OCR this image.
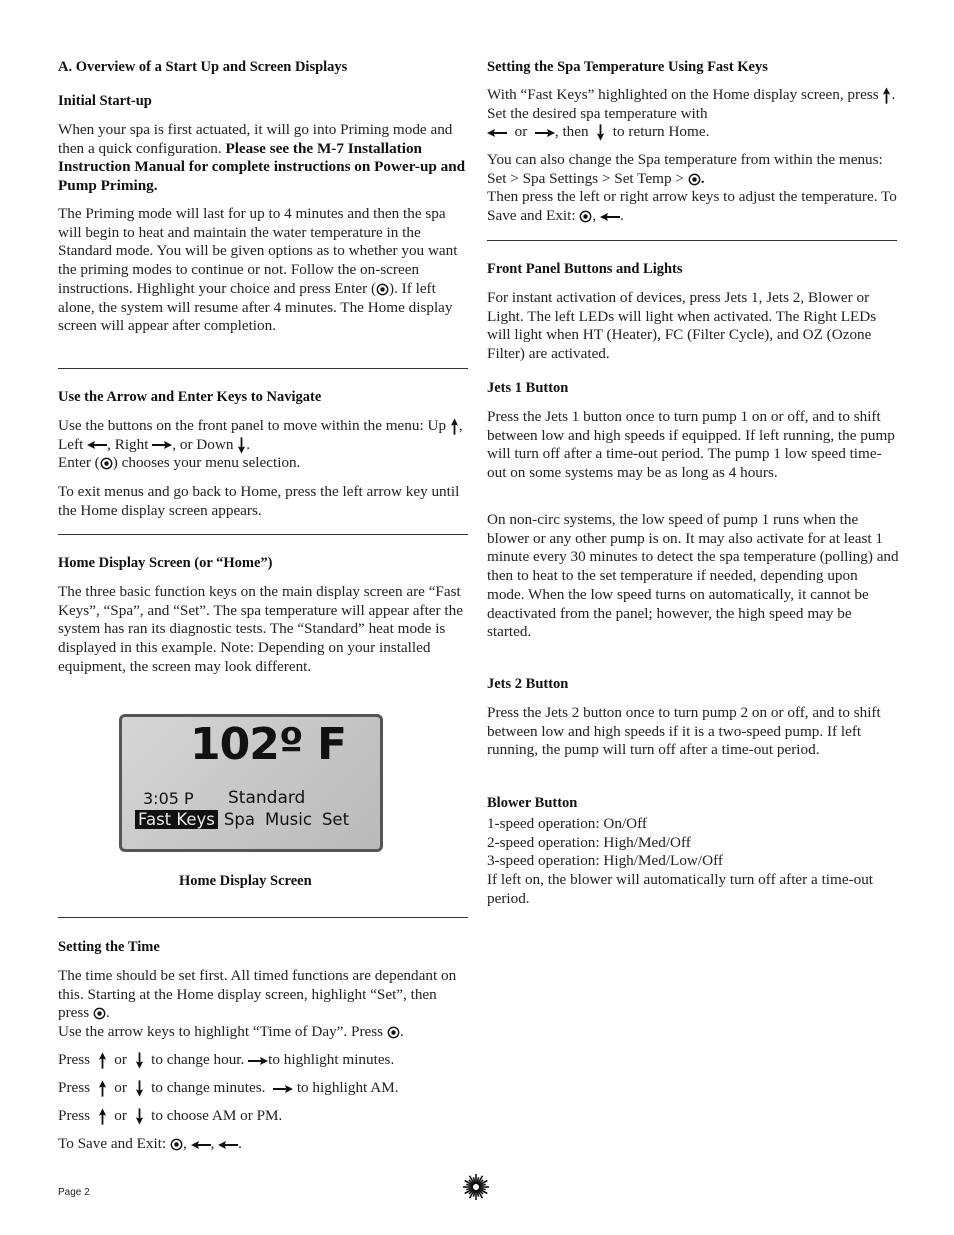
A. Overview of a Start Up and Screen Displays
Initial Start-up

When your spa is first actuated, it will go into Priming mode and then a quick configuration. Please see the M-7 Installation Instruction Manual for complete instructions on Power-up and Pump Priming.

The Priming mode will last for up to 4 minutes and then the spa will begin to heat and maintain the water temperature in the Standard mode. You will be given options as to whether you want the priming modes to continue or not. Follow the on-screen instructions. Highlight your choice and press Enter ( ). If left alone, the system will resume after 4 minutes. The Home display screen will appear after completion.

Use the Arrow and Enter Keys to Navigate

Use the buttons on the front panel to move within the menu: Up , Left , Right , or Down .
Enter ( ) chooses your menu selection.

To exit menus and go back to Home, press the left arrow key until the Home display screen appears.

Home Display Screen (or “Home”)

The three basic function keys on the main display screen are “Fast Keys”, “Spa”, and “Set”. The spa temperature will appear after the system has ran its diagnostic tests. The “Standard” heat mode is displayed in this example. Note: Depending on your installed equipment, the screen may look different.

102º F
3:05 P Standard
Fast Keys Spa Music Set
Home Display Screen
Setting the Time

The time should be set first. All timed functions are dependant on this. Starting at the Home display screen, highlight “Set”, then press .
Use the arrow keys to highlight “Time of Day”. Press .

Press or to change hour. to highlight minutes.

Press or to change minutes. to highlight AM.

Press or to choose AM or PM.

To Save and Exit: , , .

Setting the Spa Temperature Using Fast Keys

With “Fast Keys” highlighted on the Home display screen, press . Set the desired spa temperature with
or , then to return Home.

You can also change the Spa temperature from within the menus: Set > Spa Settings > Set Temp > .
Then press the left or right arrow keys to adjust the temperature. To Save and Exit: , .

Front Panel Buttons and Lights

For instant activation of devices, press Jets 1, Jets 2, Blower or Light. The left LEDs will light when activated. The Right LEDs will light when HT (Heater), FC (Filter Cycle), and OZ (Ozone Filter) are activated.

Jets 1 Button

Press the Jets 1 button once to turn pump 1 on or off, and to shift between low and high speeds if equipped. If left running, the pump will turn off after a time-out period. The pump 1 low speed time-out on some systems may be as long as 4 hours.

On non-circ systems, the low speed of pump 1 runs when the blower or any other pump is on. It may also activate for at least 1 minute every 30 minutes to detect the spa temperature (polling) and then to heat to the set temperature if needed, depending upon mode. When the low speed turns on automatically, it cannot be deactivated from the panel; however, the high speed may be started.

Jets 2 Button

Press the Jets 2 button once to turn pump 2 on or off, and to shift between low and high speeds if it is a two-speed pump. If left running, the pump will turn off after a time-out period.

Blower Button

1-speed operation: On/Off
2-speed operation: High/Med/Off
3-speed operation: High/Med/Low/Off
If left on, the blower will automatically turn off after a time-out period.

Page 2
